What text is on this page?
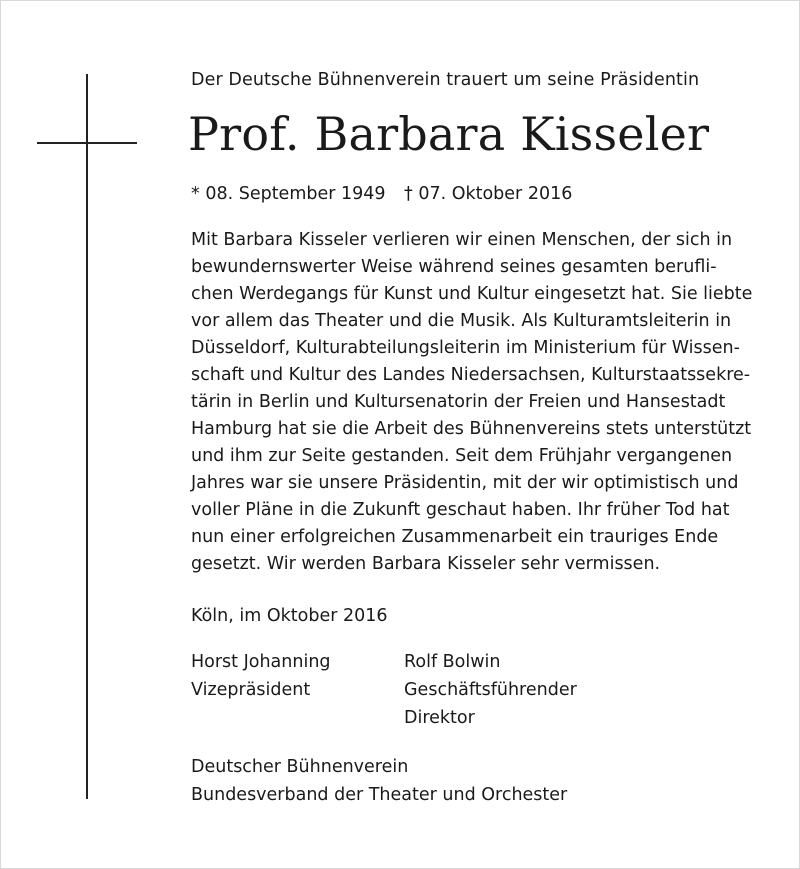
Der Deutsche Bühnenverein trauert um seine Präsidentin

Prof. Barbara Kisseler
* 08. September 1949	† 07. Oktober 2016
Mit Barbara Kisseler verlieren wir einen Menschen, der sich in
bewundernswerter Weise während seines gesamten berufli-
chen Werdegangs für Kunst und Kultur eingesetzt hat. Sie liebte
vor allem das Theater und die Musik. Als Kulturamtsleiterin in
Düsseldorf, Kulturabteilungsleiterin im Ministerium für Wissen-
schaft und Kultur des Landes Niedersachsen, Kulturstaatssekre-
tärin in Berlin und Kultursenatorin der Freien und Hansestadt
Hamburg hat sie die Arbeit des Bühnenvereins stets unterstützt
und ihm zur Seite gestanden. Seit dem Frühjahr vergangenen
Jahres war sie unsere Präsidentin, mit der wir optimistisch und
voller Pläne in die Zukunft geschaut haben. Ihr früher Tod hat
nun einer erfolgreichen Zusammenarbeit ein trauriges Ende
gesetzt. Wir werden Barbara Kisseler sehr vermissen.
Köln, im Oktober 2016
Horst Johanning
Vizepräsident
Rolf Bolwin
Geschäftsführender Direktor
Deutscher Bühnenverein
Bundesverband der Theater und Orchester
